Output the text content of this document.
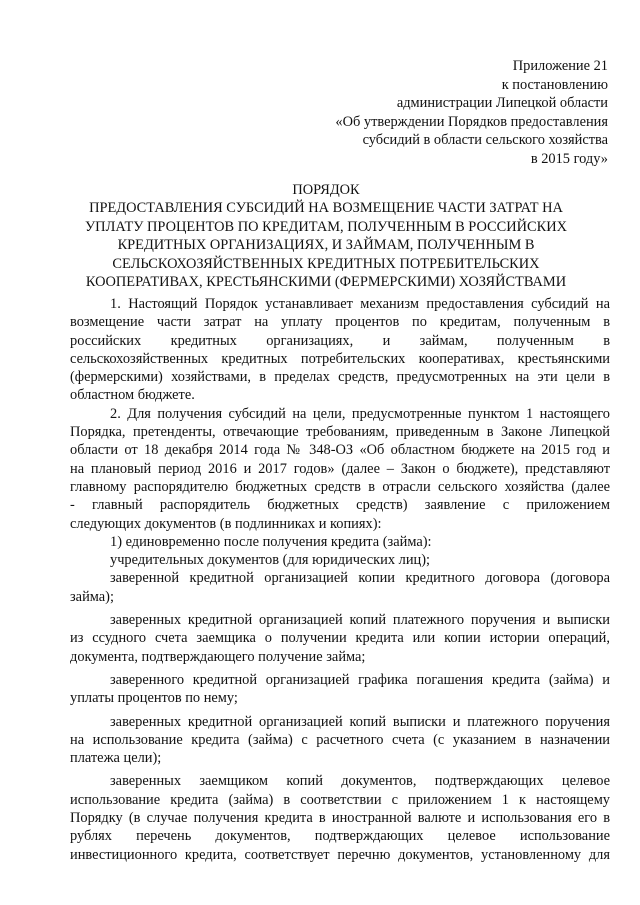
Приложение 21
к постановлению
администрации Липецкой области
«Об утверждении Порядков предоставления
субсидий в области сельского хозяйства
в 2015 году»
ПОРЯДОК
ПРЕДОСТАВЛЕНИЯ СУБСИДИЙ НА ВОЗМЕЩЕНИЕ ЧАСТИ ЗАТРАТ НА
УПЛАТУ ПРОЦЕНТОВ ПО КРЕДИТАМ, ПОЛУЧЕННЫМ В РОССИЙСКИХ
КРЕДИТНЫХ ОРГАНИЗАЦИЯХ, И ЗАЙМАМ, ПОЛУЧЕННЫМ В
СЕЛЬСКОХОЗЯЙСТВЕННЫХ КРЕДИТНЫХ ПОТРЕБИТЕЛЬСКИХ
КООПЕРАТИВАХ, КРЕСТЬЯНСКИМИ (ФЕРМЕРСКИМИ) ХОЗЯЙСТВАМИ
1. Настоящий Порядок устанавливает механизм предоставления субсидий на
возмещение части затрат на уплату процентов по кредитам, полученным в
российских кредитных организациях, и займам, полученным в
сельскохозяйственных кредитных потребительских кооперативах, крестьянскими
(фермерскими) хозяйствами, в пределах средств, предусмотренных на эти цели в
областном бюджете.
2. Для получения субсидий на цели, предусмотренные пунктом 1 настоящего
Порядка, претенденты, отвечающие требованиям, приведенным в Законе Липецкой
области от 18 декабря 2014 года № 348-ОЗ «Об областном бюджете на 2015 год и
на плановый период 2016 и 2017 годов» (далее – Закон о бюджете), представляют
главному распорядителю бюджетных средств в отрасли сельского хозяйства (далее
- главный распорядитель бюджетных средств) заявление с приложением
следующих документов (в подлинниках и копиях):
1) единовременно после получения кредита (займа):
учредительных документов (для юридических лиц);
заверенной кредитной организацией копии кредитного договора (договора
займа);
заверенных кредитной организацией копий платежного поручения и выписки
из ссудного счета заемщика о получении кредита или копии истории операций,
документа, подтверждающего получение займа;
заверенного кредитной организацией графика погашения кредита (займа) и
уплаты процентов по нему;
заверенных кредитной организацией копий выписки и платежного поручения
на использование кредита (займа) с расчетного счета (с указанием в назначении
платежа цели);
заверенных заемщиком копий документов, подтверждающих целевое
использование кредита (займа) в соответствии с приложением 1 к настоящему
Порядку (в случае получения кредита в иностранной валюте и использования его в
рублях перечень документов, подтверждающих целевое использование
инвестиционного кредита, соответствует перечню документов, установленному для
